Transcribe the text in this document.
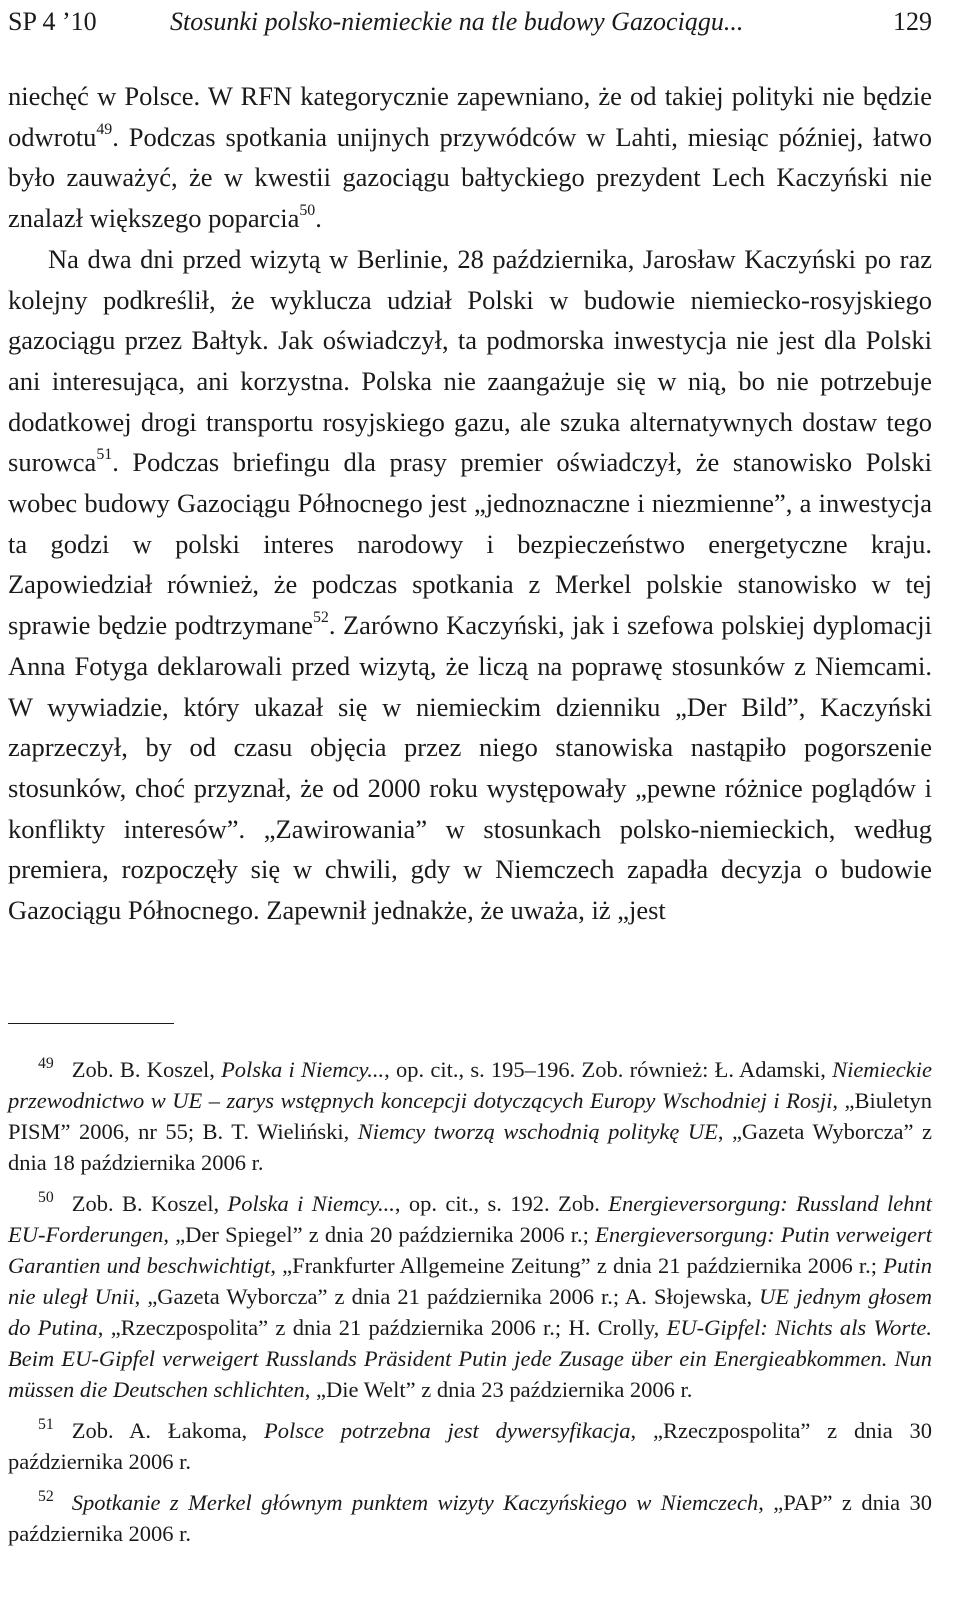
SP 4 ’10	Stosunki polsko-niemieckie na tle budowy Gazociągu...	129

niechęć w Polsce. W RFN kategorycznie zapewniano, że od takiej polityki nie będzie odwrotu$^{49}$. Podczas spotkania unijnych przywódców w Lahti, miesiąc później, łatwo było zauważyć, że w kwestii gazociągu bałtyckiego prezydent Lech Kaczyński nie znalazł większego poparcia$^{50}$.

Na dwa dni przed wizytą w Berlinie, 28 października, Jarosław Kaczyński po raz kolejny podkreślił, że wyklucza udział Polski w budowie niemiecko-rosyjskiego gazociągu przez Bałtyk. Jak oświadczył, ta podmorska inwestycja nie jest dla Polski ani interesująca, ani korzystna. Polska nie zaangażuje się w nią, bo nie potrzebuje dodatkowej drogi transportu rosyjskiego gazu, ale szuka alternatywnych dostaw tego surowca$^{51}$. Podczas briefingu dla prasy premier oświadczył, że stanowisko Polski wobec budowy Gazociągu Północnego jest „jednoznaczne i niezmienne”, a inwestycja ta godzi w polski interes narodowy i bezpieczeństwo energetyczne kraju. Zapowiedział również, że podczas spotkania z Merkel polskie stanowisko w tej sprawie będzie podtrzymane$^{52}$. Zarówno Kaczyński, jak i szefowa polskiej dyplomacji Anna Fotyga deklarowali przed wizytą, że liczą na poprawę stosunków z Niemcami. W wywiadzie, który ukazał się w niemieckim dzienniku „Der Bild”, Kaczyński zaprzeczył, by od czasu objęcia przez niego stanowiska nastąpiło pogorszenie stosunków, choć przyznał, że od 2000 roku występowały „pewne różnice poglądów i konflikty interesów”. „Zawirowania” w stosunkach polsko-niemieckich, według premiera, rozpoczęły się w chwili, gdy w Niemczech zapadła decyzja o budowie Gazociągu Północnego. Zapewnił jednakże, że uważa, iż „jest

$^{49}$ Zob. B. Koszel, Polska i Niemcy..., op. cit., s. 195–196. Zob. również: Ł. Adamski, Niemieckie przewodnictwo w UE – zarys wstępnych koncepcji dotyczących Europy Wschodniej i Rosji, „Biuletyn PISM” 2006, nr 55; B. T. Wieliński, Niemcy tworzą wschodnią politykę UE, „Gazeta Wyborcza” z dnia 18 października 2006 r.

$^{50}$ Zob. B. Koszel, Polska i Niemcy..., op. cit., s. 192. Zob. Energieversorgung: Russland lehnt EU-Forderungen, „Der Spiegel” z dnia 20 października 2006 r.; Energieversorgung: Putin verweigert Garantien und beschwichtigt, „Frankfurter Allgemeine Zeitung” z dnia 21 października 2006 r.; Putin nie uległ Unii, „Gazeta Wyborcza” z dnia 21 października 2006 r.; A. Słojewska, UE jednym głosem do Putina, „Rzeczpospolita” z dnia 21 października 2006 r.; H. Crolly, EU-Gipfel: Nichts als Worte. Beim EU-Gipfel verweigert Russlands Präsident Putin jede Zusage über ein Energieabkommen. Nun müssen die Deutschen schlichten, „Die Welt” z dnia 23 października 2006 r.

$^{51}$ Zob. A. Łakoma, Polsce potrzebna jest dywersyfikacja, „Rzeczpospolita” z dnia 30 października 2006 r.

$^{52}$ Spotkanie z Merkel głównym punktem wizyty Kaczyńskiego w Niemczech, „PAP” z dnia 30 października 2006 r.
